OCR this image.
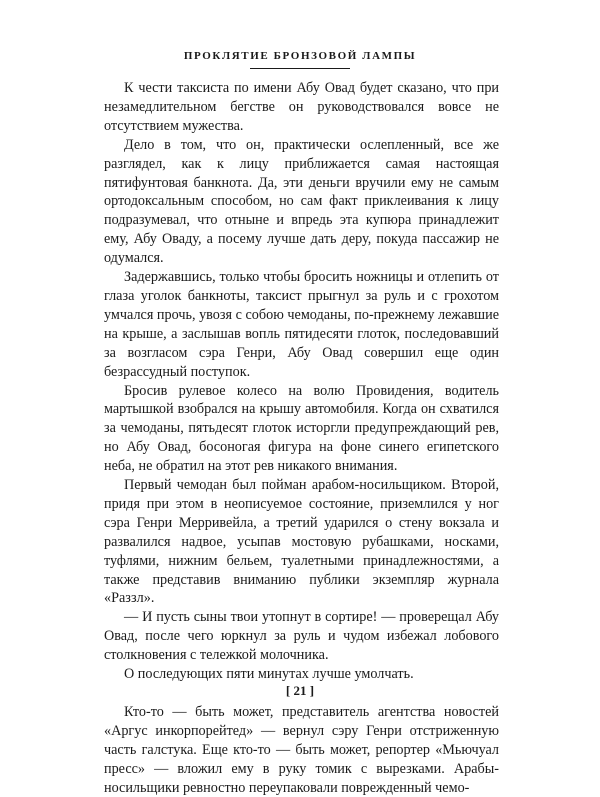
ПРОКЛЯТИЕ БРОНЗОВОЙ ЛАМПЫ

К чести таксиста по имени Абу Овад будет сказано, что при незамедлительном бегстве он руководствовался вовсе не отсутствием мужества.

Дело в том, что он, практически ослепленный, все же разглядел, как к лицу приближается самая настоящая пятифунтовая банкнота. Да, эти деньги вручили ему не самым ортодоксальным способом, но сам факт приклеивания к лицу подразумевал, что отныне и впредь эта купюра принадлежит ему, Абу Оваду, а посему лучше дать деру, покуда пассажир не одумался.

Задержавшись, только чтобы бросить ножницы и отлепить от глаза уголок банкноты, таксист прыгнул за руль и с грохотом умчался прочь, увозя с собою чемоданы, по-прежнему лежавшие на крыше, а заслышав вопль пятидесяти глоток, последовавший за возгласом сэра Генри, Абу Овад совершил еще один безрассудный поступок.

Бросив рулевое колесо на волю Провидения, водитель мартышкой взобрался на крышу автомобиля. Когда он схватился за чемоданы, пятьдесят глоток исторгли предупреждающий рев, но Абу Овад, босоногая фигура на фоне синего египетского неба, не обратил на этот рев никакого внимания.

Первый чемодан был пойман арабом-носильщиком. Второй, придя при этом в неописуемое состояние, приземлился у ног сэра Генри Мерривейла, а третий ударился о стену вокзала и развалился надвое, усыпав мостовую рубашками, носками, туфлями, нижним бельем, туалетными принадлежностями, а также представив вниманию публики экземпляр журнала «Раззл».

— И пусть сыны твои утопнут в сортире! — проверещал Абу Овад, после чего юркнул за руль и чудом избежал лобового столкновения с тележкой молочника.

О последующих пяти минутах лучше умолчать.

Кто-то — быть может, представитель агентства новостей «Аргус инкорпорейтед» — вернул сэру Генри отстриженную часть галстука. Еще кто-то — быть может, репортер «Мьючуал пресс» — вложил ему в руку томик с вырезками. Арабы-носильщики ревностно переупаковали поврежденный чемо-

[ 21 ]
